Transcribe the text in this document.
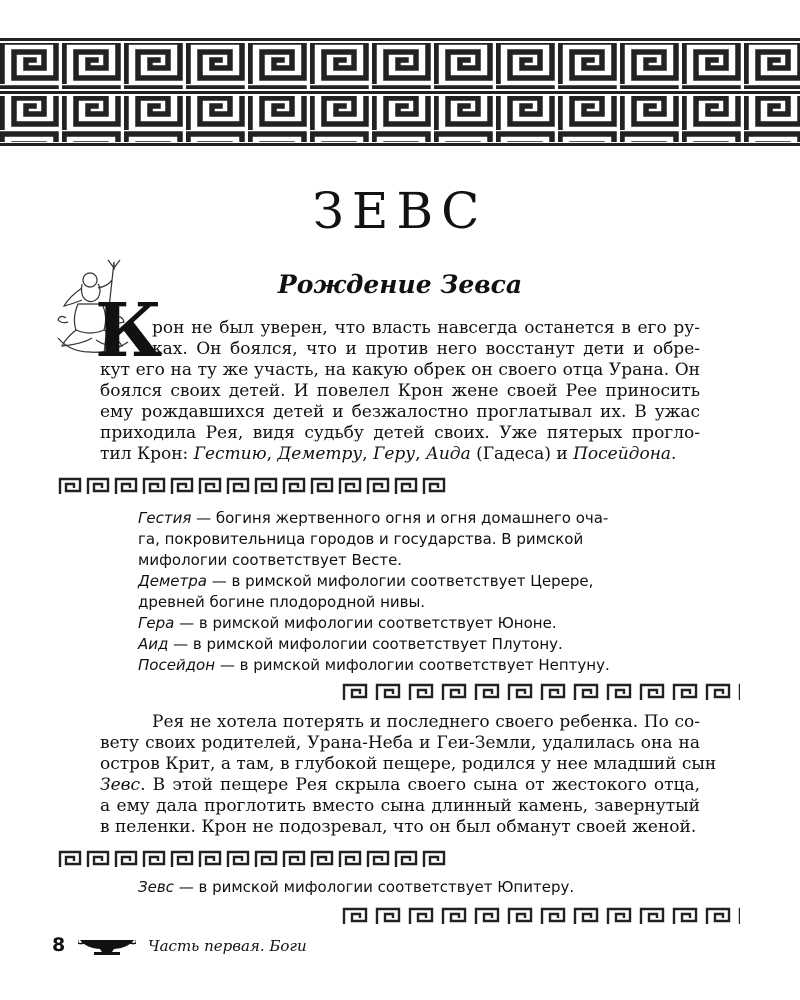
ЗЕВС
Рождение Зевса
К
рон не был уверен, что власть навсегда останется в его ру-
ках. Он боялся, что и против него восстанут дети и обре-
кут его на ту же участь, на какую обрек он своего отца Урана. Он
боялся своих детей. И повелел Крон жене своей Рее приносить
ему рождавшихся детей и безжалостно проглатывал их. В ужас
приходила Рея, видя судьбу детей своих. Уже пятерых прогло-
тил Крон: Гестию, Деметру, Геру, Аида (Гадеса) и Посейдона.
Гестия — богиня жертвенного огня и огня домашнего оча-
га, покровительница городов и государства. В римской
мифологии соответствует Весте.
Деметра — в римской мифологии соответствует Церере,
древней богине плодородной нивы.
Гера — в римской мифологии соответствует Юноне.
Аид — в римской мифологии соответствует Плутону.
Посейдон — в римской мифологии соответствует Нептуну.
Рея не хотела потерять и последнего своего ребенка. По со-
вету своих родителей, Урана-Неба и Геи-Земли, удалилась она на
остров Крит, а там, в глубокой пещере, родился у нее младший сын
Зевс. В этой пещере Рея скрыла своего сына от жестокого отца,
а ему дала проглотить вместо сына длинный камень, завернутый
в пеленки. Крон не подозревал, что он был обманут своей женой.
Зевс — в римской мифологии соответствует Юпитеру.
8	Часть первая. Боги
